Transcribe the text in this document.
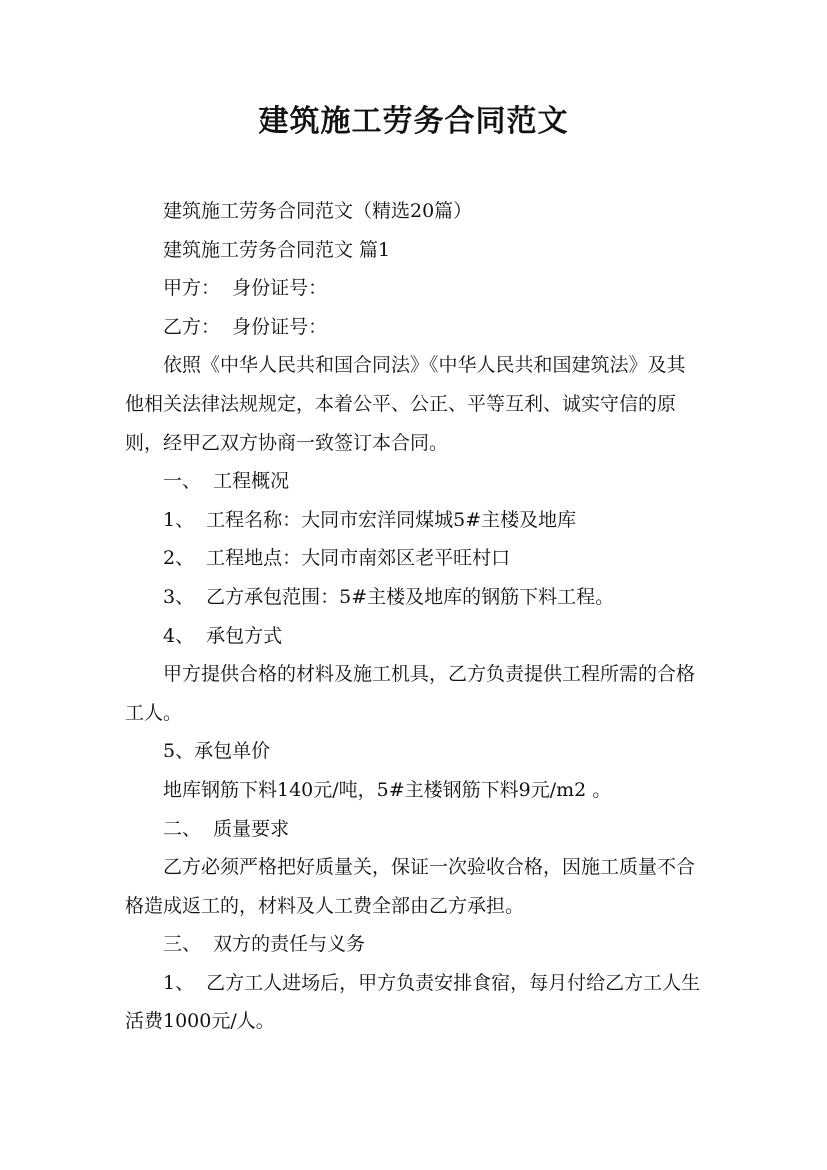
建筑施工劳务合同范文

建筑施工劳务合同范文（精选20篇）

建筑施工劳务合同范文 篇1

甲方：  身份证号：

乙方：  身份证号：

依照《中华人民共和国合同法》《中华人民共和国建筑法》及其他相关法律法规规定，本着公平、公正、平等互利、诚实守信的原则，经甲乙双方协商一致签订本合同。

一、  工程概况

1、  工程名称：大同市宏洋同煤城5#主楼及地库

2、  工程地点：大同市南郊区老平旺村口

3、  乙方承包范围：5#主楼及地库的钢筋下料工程。

4、  承包方式

甲方提供合格的材料及施工机具，乙方负责提供工程所需的合格工人。

5、承包单价

地库钢筋下料140元/吨，5#主楼钢筋下料9元/m2 。

二、  质量要求

乙方必须严格把好质量关，保证一次验收合格，因施工质量不合格造成返工的，材料及人工费全部由乙方承担。

三、  双方的责任与义务

1、  乙方工人进场后，甲方负责安排食宿，每月付给乙方工人生活费1000元/人。
